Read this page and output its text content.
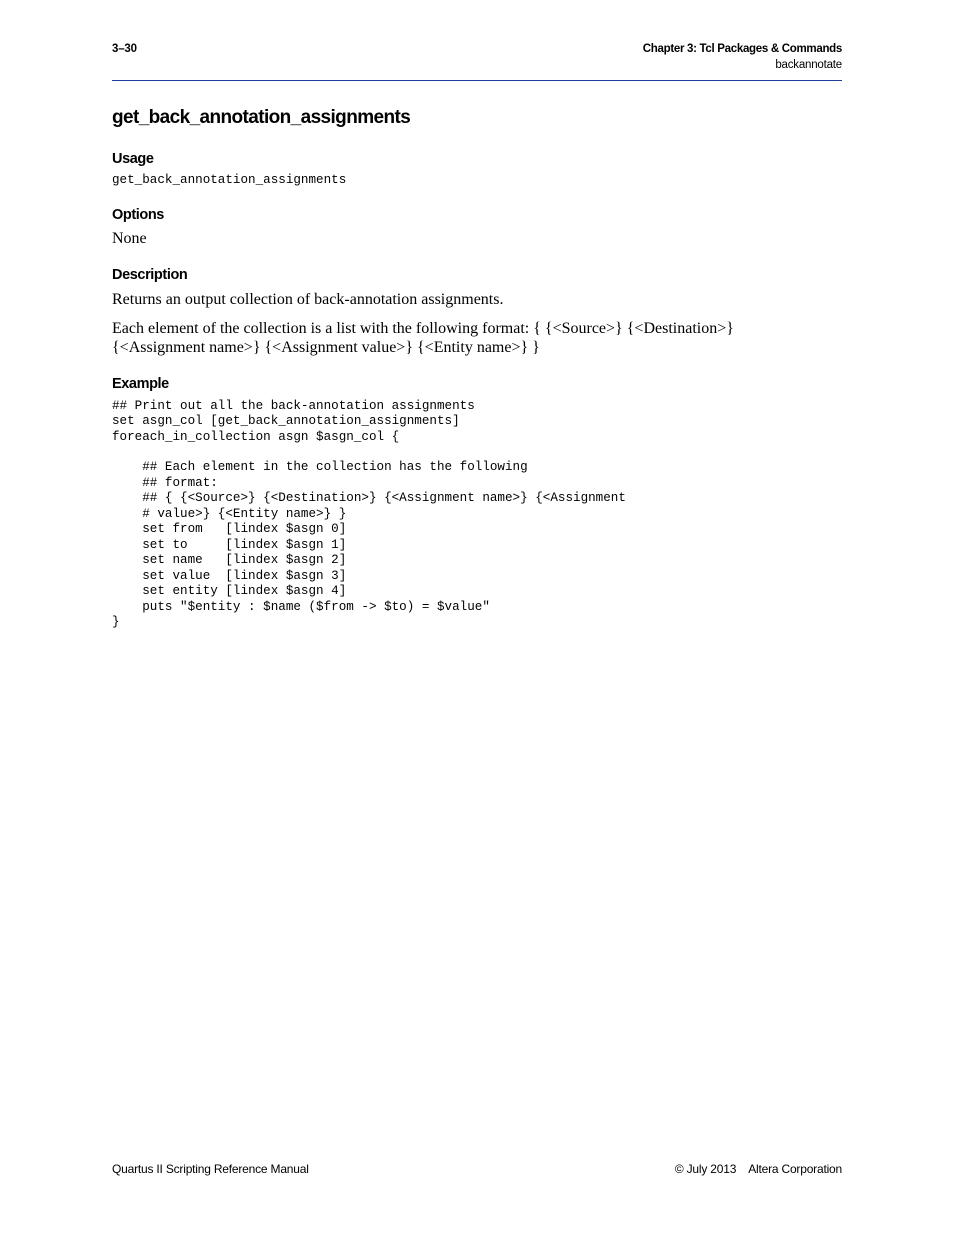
3–30	Chapter 3: Tcl Packages & Commands
backannotate
get_back_annotation_assignments
Usage
get_back_annotation_assignments
Options

None

Description

Returns an output collection of back-annotation assignments.

Each element of the collection is a list with the following format: { {<Source>} {<Destination>}

{<Assignment name>} {<Assignment value>} {<Entity name>} }

Example
## Print out all the back-annotation assignments
set asgn_col [get_back_annotation_assignments]
foreach_in_collection asgn $asgn_col {
## Each element in the collection has the following
## format:
## { {<Source>} {<Destination>} {<Assignment name>} {<Assignment
# value>} {<Entity name>} }
set from   [lindex $asgn 0]
set to     [lindex $asgn 1]
set name   [lindex $asgn 2]
set value  [lindex $asgn 3]
set entity [lindex $asgn 4]
puts "$entity : $name ($from -> $to) = $value"
}
Quartus II Scripting Reference Manual	© July 2013 Altera Corporation
